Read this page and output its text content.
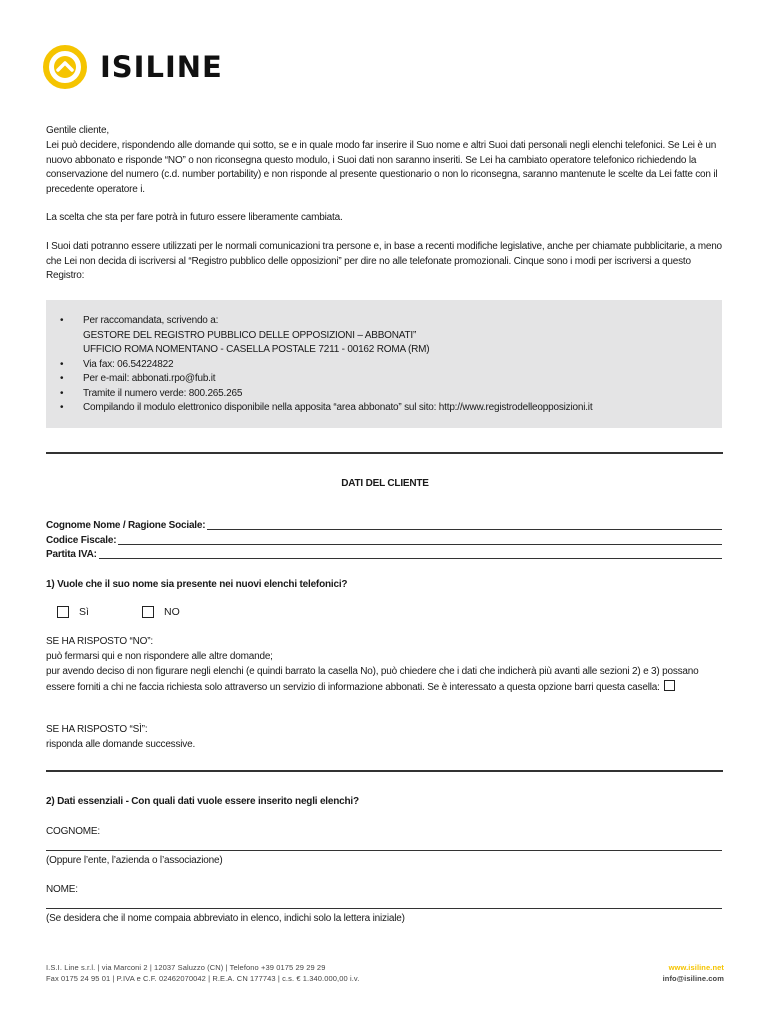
ISILINE

Gentile cliente,

Lei può decidere, rispondendo alle domande qui sotto, se e in quale modo far inserire il Suo nome e altri Suoi dati personali negli elenchi telefonici. Se Lei è un nuovo abbonato e risponde “NO” o non riconsegna questo modulo, i Suoi dati non saranno inseriti. Se Lei ha cambiato operatore telefonico richiedendo la conservazione del numero (c.d. number portability) e non risponde al presente questionario o non lo riconsegna, saranno mantenute le scelte da Lei fatte con il precedente operatore i.

La scelta che sta per fare potrà in futuro essere liberamente cambiata.

I Suoi dati potranno essere utilizzati per le normali comunicazioni tra persone e, in base a recenti modifiche legislative, anche per chiamate pubblicitarie, a meno che Lei non decida di iscriversi al “Registro pubblico delle opposizioni” per dire no alle telefonate promozionali. Cinque sono i modi per iscriversi a questo Registro:

• Per raccomandata, scrivendo a:
GESTORE DEL REGISTRO PUBBLICO DELLE OPPOSIZIONI – ABBONATI”
UFFICIO ROMA NOMENTANO - CASELLA POSTALE 7211 - 00162 ROMA (RM)
• Via fax: 06.54224822
• Per e-mail: abbonati.rpo@fub.it
• Tramite il numero verde: 800.265.265
• Compilando il modulo elettronico disponibile nella apposita “area abbonato” sul sito: http://www.registrodelleopposizioni.it
DATI DEL CLIENTE
Cognome Nome / Ragione Sociale:
Codice Fiscale:
Partita IVA:
1) Vuole che il suo nome sia presente nei nuovi elenchi telefonici?
Sì	NO

SE HA RISPOSTO “NO”:

può fermarsi qui e non rispondere alle altre domande;

pur avendo deciso di non figurare negli elenchi (e quindi barrato la casella No), può chiedere che i dati che indicherà più avanti alle sezioni 2) e 3) possano essere forniti a chi ne faccia richiesta solo attraverso un servizio di informazione abbonati. Se è interessato a questa opzione barri questa casella:

SE HA RISPOSTO “SÌ”:

risponda alle domande successive.

2) Dati essenziali - Con quali dati vuole essere inserito negli elenchi?

COGNOME:

(Oppure l’ente, l’azienda o l’associazione)

NOME:

(Se desidera che il nome compaia abbreviato in elenco, indichi solo la lettera iniziale)

I.S.I. Line s.r.l. | via Marconi 2 | 12037 Saluzzo (CN) | Telefono +39 0175 29 29 29
Fax 0175 24 95 01 | P.IVA e C.F. 02462070042 | R.E.A. CN 177743 | c.s. € 1.340.000,00 i.v.
www.isiline.net
info@isiline.com
